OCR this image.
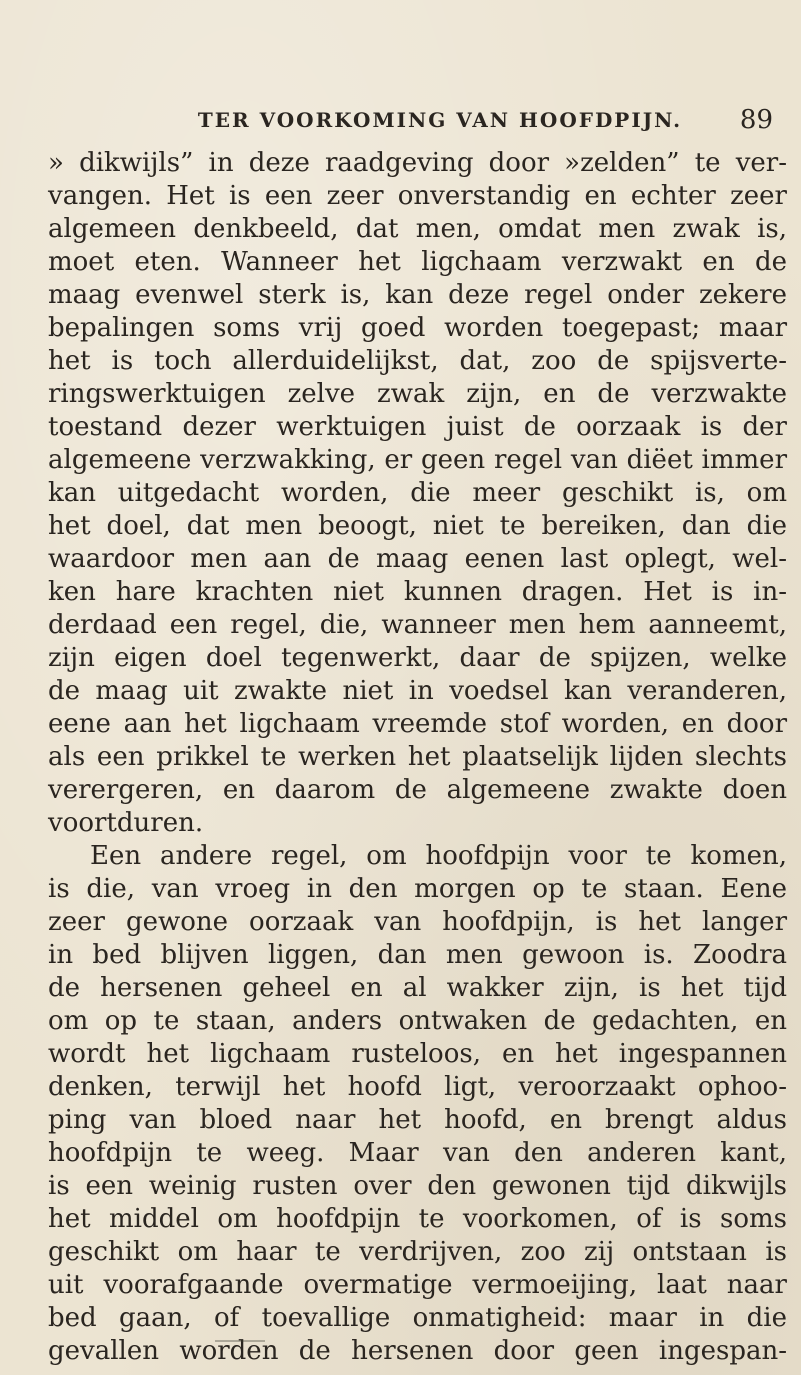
TER VOORKOMING VAN HOOFDPIJN.	89
» dikwijls” in deze raadgeving door »zelden” te ver-
vangen. Het is een zeer onverstandig en echter zeer
algemeen denkbeeld, dat men, omdat men zwak is,
moet eten. Wanneer het ligchaam verzwakt en de
maag evenwel sterk is, kan deze regel onder zekere
bepalingen soms vrij goed worden toegepast; maar
het is toch allerduidelijkst, dat, zoo de spijsverte-
ringswerktuigen zelve zwak zijn, en de verzwakte
toestand dezer werktuigen juist de oorzaak is der
algemeene verzwakking, er geen regel van diëet immer
kan uitgedacht worden, die meer geschikt is, om
het doel, dat men beoogt, niet te bereiken, dan die
waardoor men aan de maag eenen last oplegt, wel-
ken hare krachten niet kunnen dragen. Het is in-
derdaad een regel, die, wanneer men hem aanneemt,
zijn eigen doel tegenwerkt, daar de spijzen, welke
de maag uit zwakte niet in voedsel kan veranderen,
eene aan het ligchaam vreemde stof worden, en door
als een prikkel te werken het plaatselijk lijden slechts
verergeren, en daarom de algemeene zwakte doen
voortduren.
Een andere regel, om hoofdpijn voor te komen,
is die, van vroeg in den morgen op te staan. Eene
zeer gewone oorzaak van hoofdpijn, is het langer
in bed blijven liggen, dan men gewoon is. Zoodra
de hersenen geheel en al wakker zijn, is het tijd
om op te staan, anders ontwaken de gedachten, en
wordt het ligchaam rusteloos, en het ingespannen
denken, terwijl het hoofd ligt, veroorzaakt ophoo-
ping van bloed naar het hoofd, en brengt aldus
hoofdpijn te weeg. Maar van den anderen kant,
is een weinig rusten over den gewonen tijd dikwijls
het middel om hoofdpijn te voorkomen, of is soms
geschikt om haar te verdrijven, zoo zij ontstaan is
uit voorafgaande overmatige vermoeijing, laat naar
bed gaan, of toevallige onmatigheid: maar in die
gevallen worden de hersenen door geen ingespan-
